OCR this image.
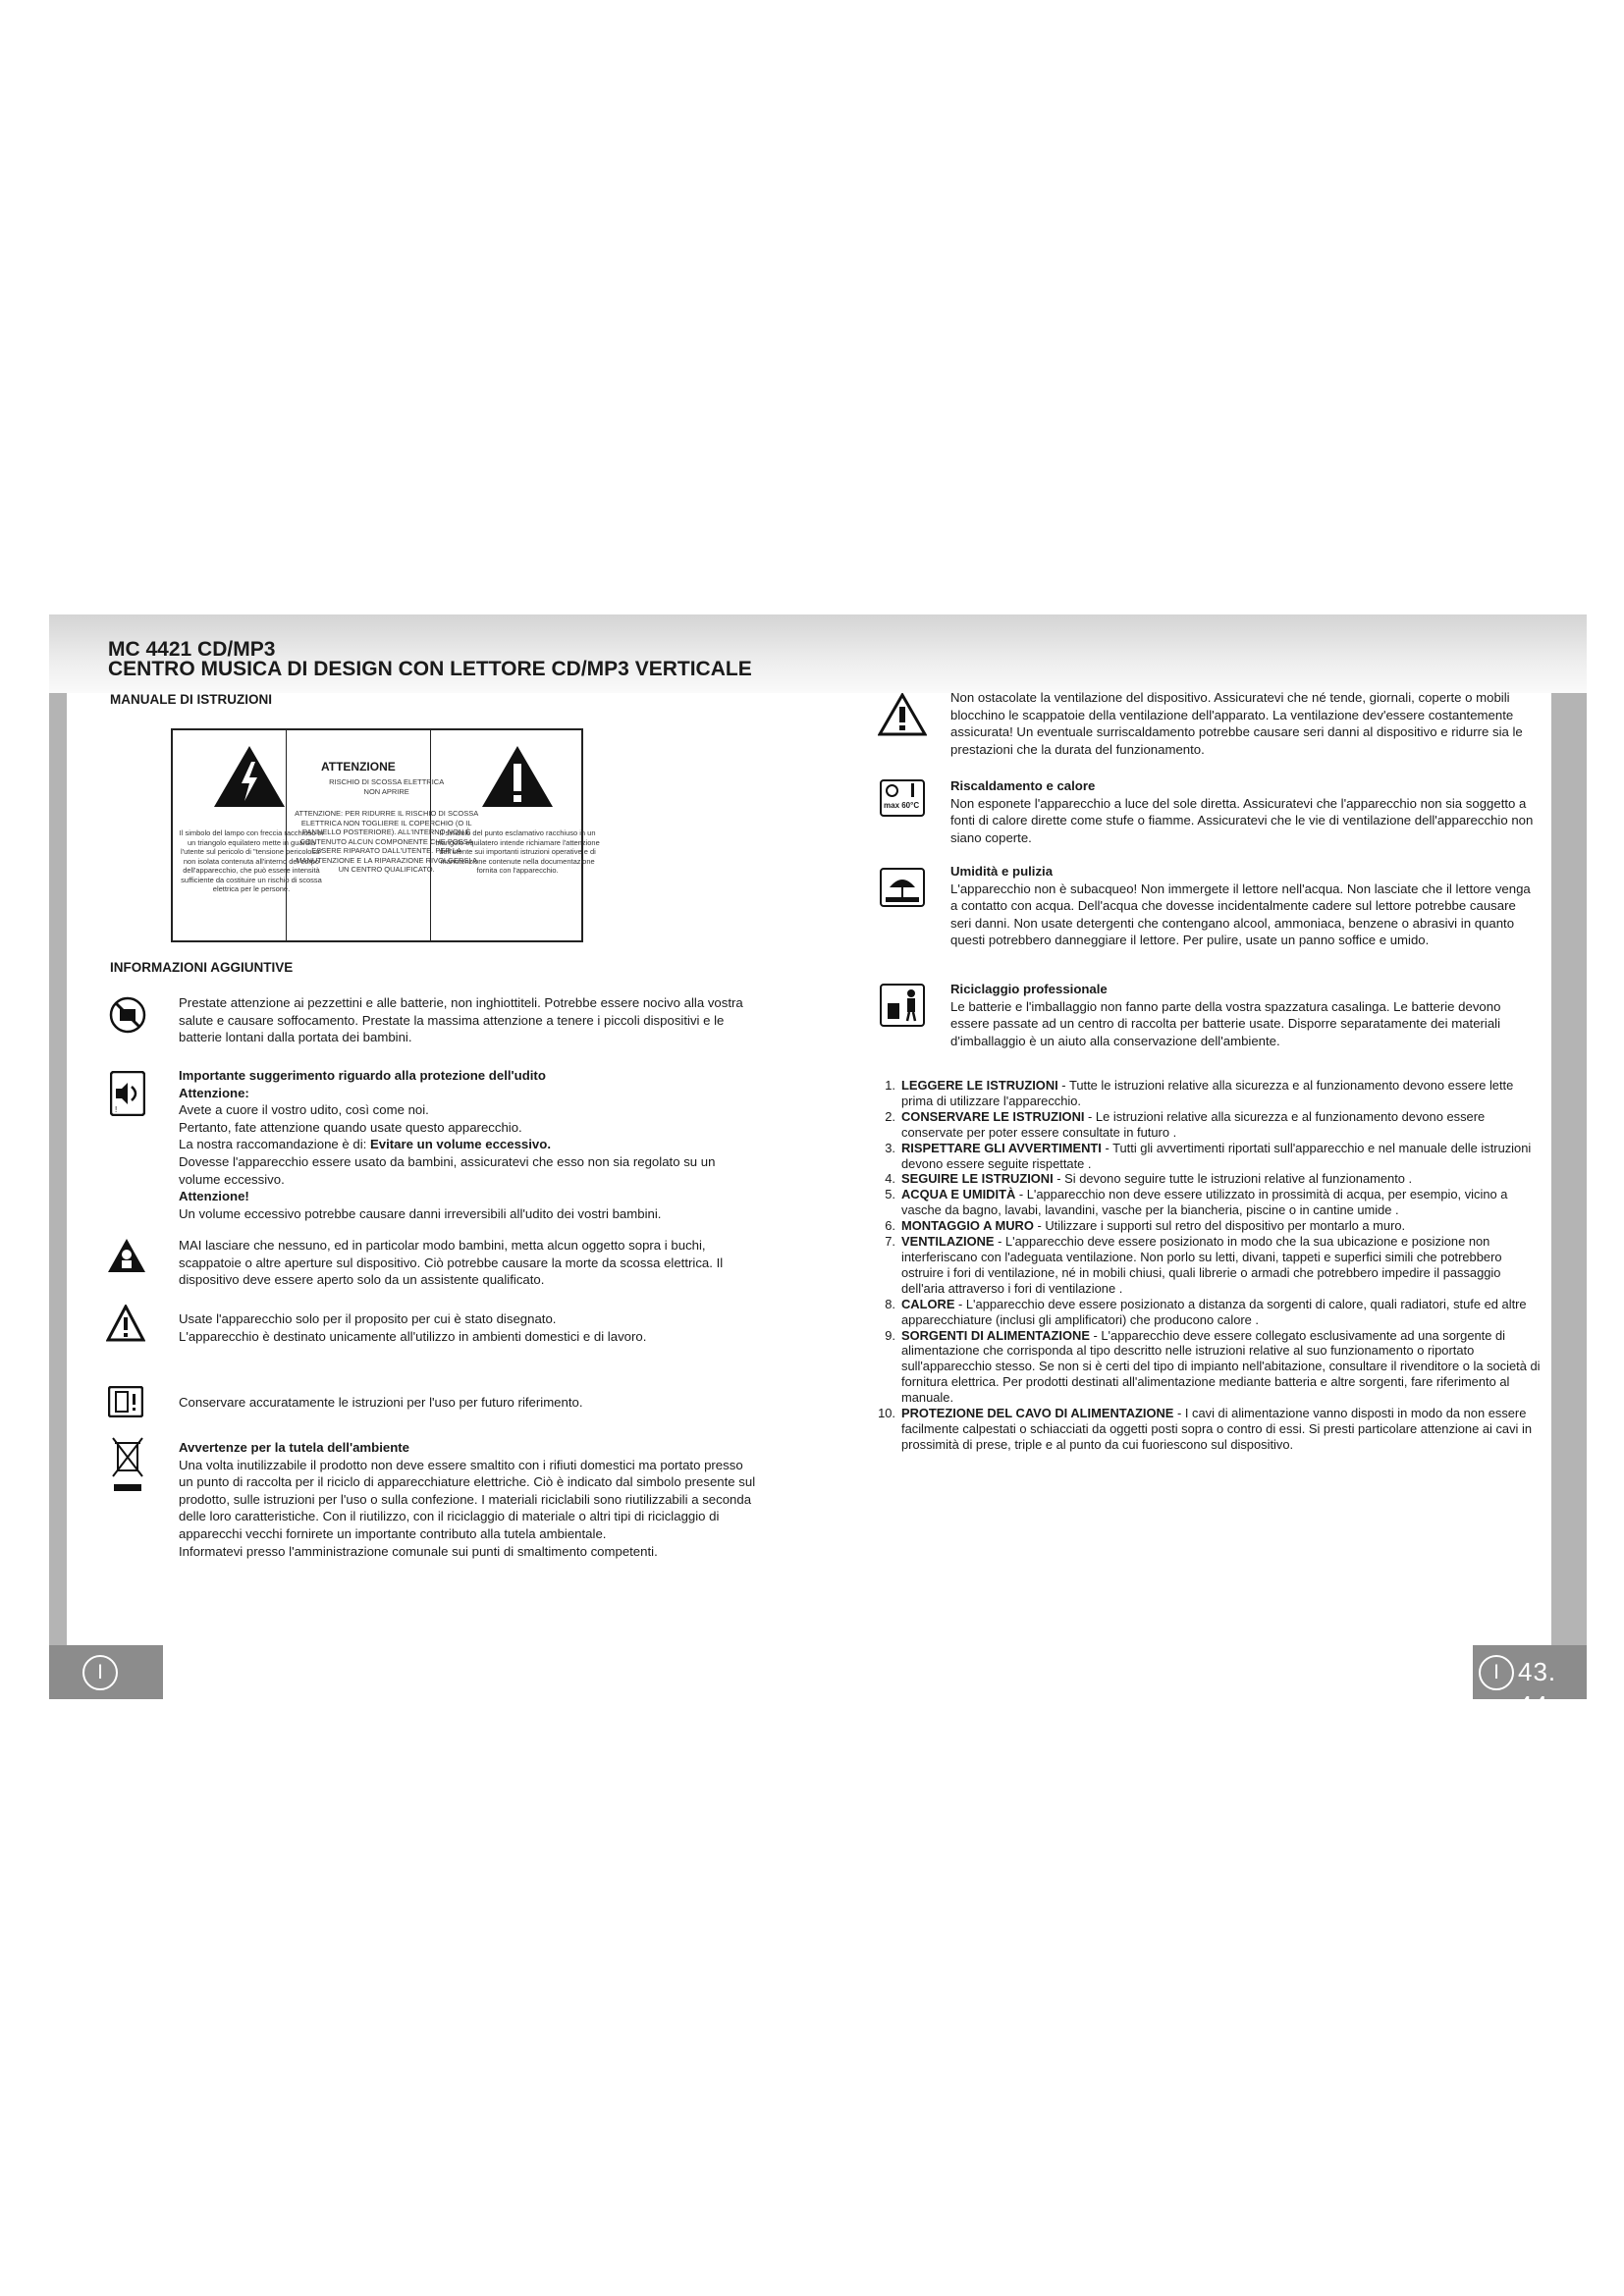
MC 4421 CD/MP3
CENTRO MUSICA DI DESIGN CON LETTORE CD/MP3 VERTICALE
MANUALE DI ISTRUZIONI
Il simbolo del lampo con freccia racchiuso in un triangolo equilatero mette in guardia l'utente sul pericolo di "tensione pericolosa" non isolata contenuta all'interno del corpo dell'apparecchio, che può essere intensità sufficiente da costituire un rischio di scossa elettrica per le persone.
ATTENZIONE
RISCHIO DI SCOSSA ELETTRICA NON APRIRE
ATTENZIONE: PER RIDURRE IL RISCHIO DI SCOSSA ELETTRICA NON TOGLIERE IL COPERCHIO (O IL PANNELLO POSTERIORE). ALL'INTERNO NON È CONTENUTO ALCUN COMPONENTE CHE POSSA ESSERE RIPARATO DALL'UTENTE. PER LA MANUTENZIONE E LA RIPARAZIONE RIVOLGERSI A UN CENTRO QUALIFICATO.
Il simbolo del punto esclamativo racchiuso in un triangolo equilatero intende richiamare l'attenzione dell'utente sui importanti istruzioni operative e di manutenzione contenute nella documentazione fornita con l'apparecchio.
INFORMAZIONI AGGIUNTIVE
Prestate attenzione ai pezzettini e alle batterie, non inghiottiteli. Potrebbe essere nocivo alla vostra salute e causare soffocamento. Prestate la massima attenzione a tenere i piccoli dispositivi e le batterie lontani dalla portata dei bambini.
!

Importante suggerimento riguardo alla protezione dell'udito

Attenzione:

Avete a cuore il vostro udito, così come noi.

Pertanto, fate attenzione quando usate questo apparecchio.

La nostra raccomandazione è di: Evitare un volume eccessivo.

Dovesse l'apparecchio essere usato da bambini, assicuratevi che esso non sia regolato su un volume eccessivo.

Attenzione!

Un volume eccessivo potrebbe causare danni irreversibili all'udito dei vostri bambini.

MAI lasciare che nessuno, ed in particolar modo bambini, metta alcun oggetto sopra i buchi, scappatoie o altre aperture sul dispositivo. Ciò potrebbe causare la morte da scossa elettrica. Il dispositivo deve essere aperto solo da un assistente qualificato.

Usate l'apparecchio solo per il proposito per cui è stato disegnato.

L'apparecchio è destinato unicamente all'utilizzo in ambienti domestici e di lavoro.

Conservare accuratamente le istruzioni per l'uso per futuro riferimento.

Avvertenze per la tutela dell'ambiente

Una volta inutilizzabile il prodotto non deve essere smaltito con i rifiuti domestici ma portato presso un punto di raccolta per il riciclo di apparecchiature elettriche. Ciò è indicato dal simbolo presente sul prodotto, sulle istruzioni per l'uso o sulla confezione. I materiali riciclabili sono riutilizzabili a seconda delle loro caratteristiche. Con il riutilizzo, con il riciclaggio di materiale o altri tipi di riciclaggio di apparecchi vecchi fornirete un importante contributo alla tutela ambientale.

Informatevi presso l'amministrazione comunale sui punti di smaltimento competenti.

Non ostacolate la ventilazione del dispositivo. Assicuratevi che né tende, giornali, coperte o mobili blocchino le scappatoie della ventilazione dell'apparato. La ventilazione dev'essere costantemente assicurata! Un eventuale surriscaldamento potrebbe causare seri danni al dispositivo e ridurre sia le prestazioni che la durata del funzionamento.
max 60°C

Riscaldamento e calore

Non esponete l'apparecchio a luce del sole diretta. Assicuratevi che l'apparecchio non sia soggetto a fonti di calore dirette come stufe o fiamme. Assicuratevi che le vie di ventilazione dell'apparecchio non siano coperte.

Umidità e pulizia

L'apparecchio non è subacqueo! Non immergete il lettore nell'acqua. Non lasciate che il lettore venga a contatto con acqua. Dell'acqua che dovesse incidentalmente cadere sul lettore potrebbe causare seri danni. Non usate detergenti che contengano alcool, ammoniaca, benzene o abrasivi in quanto questi potrebbero danneggiare il lettore. Per pulire, usate un panno soffice e umido.

Riciclaggio professionale

Le batterie e l'imballaggio non fanno parte della vostra spazzatura casalinga. Le batterie devono essere passate ad un centro di raccolta per batterie usate. Disporre separatamente dei materiali d'imballaggio è un aiuto alla conservazione dell'ambiente.

1. LEGGERE LE ISTRUZIONI - Tutte le istruzioni relative alla sicurezza e al funzionamento devono essere lette prima di utilizzare l'apparecchio.
2. CONSERVARE LE ISTRUZIONI - Le istruzioni relative alla sicurezza e al funzionamento devono essere conservate per poter essere consultate in futuro .
3. RISPETTARE GLI AVVERTIMENTI - Tutti gli avvertimenti riportati sull'apparecchio e nel manuale delle istruzioni devono essere seguite rispettate .
4. SEGUIRE LE ISTRUZIONI - Si devono seguire tutte le istruzioni relative al funzionamento .
5. ACQUA E UMIDITÀ - L'apparecchio non deve essere utilizzato in prossimità di acqua, per esempio, vicino a vasche da bagno, lavabi, lavandini, vasche per la biancheria, piscine o in cantine umide .
6. MONTAGGIO A MURO - Utilizzare i supporti sul retro del dispositivo per montarlo a muro.
7. VENTILAZIONE - L'apparecchio deve essere posizionato in modo che la sua ubicazione e posizione non interferiscano con l'adeguata ventilazione. Non porlo su letti, divani, tappeti e superfici simili che potrebbero ostruire i fori di ventilazione, né in mobili chiusi, quali librerie o armadi che potrebbero impedire il passaggio dell'aria attraverso i fori di ventilazione .
8. CALORE - L'apparecchio deve essere posizionato a distanza da sorgenti di calore, quali radiatori, stufe ed altre apparecchiature (inclusi gli amplificatori) che producono calore .
9. SORGENTI DI ALIMENTAZIONE - L'apparecchio deve essere collegato esclusivamente ad una sorgente di alimentazione che corrisponda al tipo descritto nelle istruzioni relative al suo funzionamento o riportato sull'apparecchio stesso. Se non si è certi del tipo di impianto nell'abitazione, consultare il rivenditore o la società di fornitura elettrica. Per prodotti destinati all'alimentazione mediante batteria e altre sorgenti, fare riferimento al manuale.
10. PROTEZIONE DEL CAVO DI ALIMENTAZIONE - I cavi di alimentazione vanno disposti in modo da non essere facilmente calpestati o schiacciati da oggetti posti sopra o contro di essi. Si presti particolare attenzione ai cavi in prossimità di prese, triple e al punto da cui fuoriescono sul dispositivo.
I	I 43. 44
